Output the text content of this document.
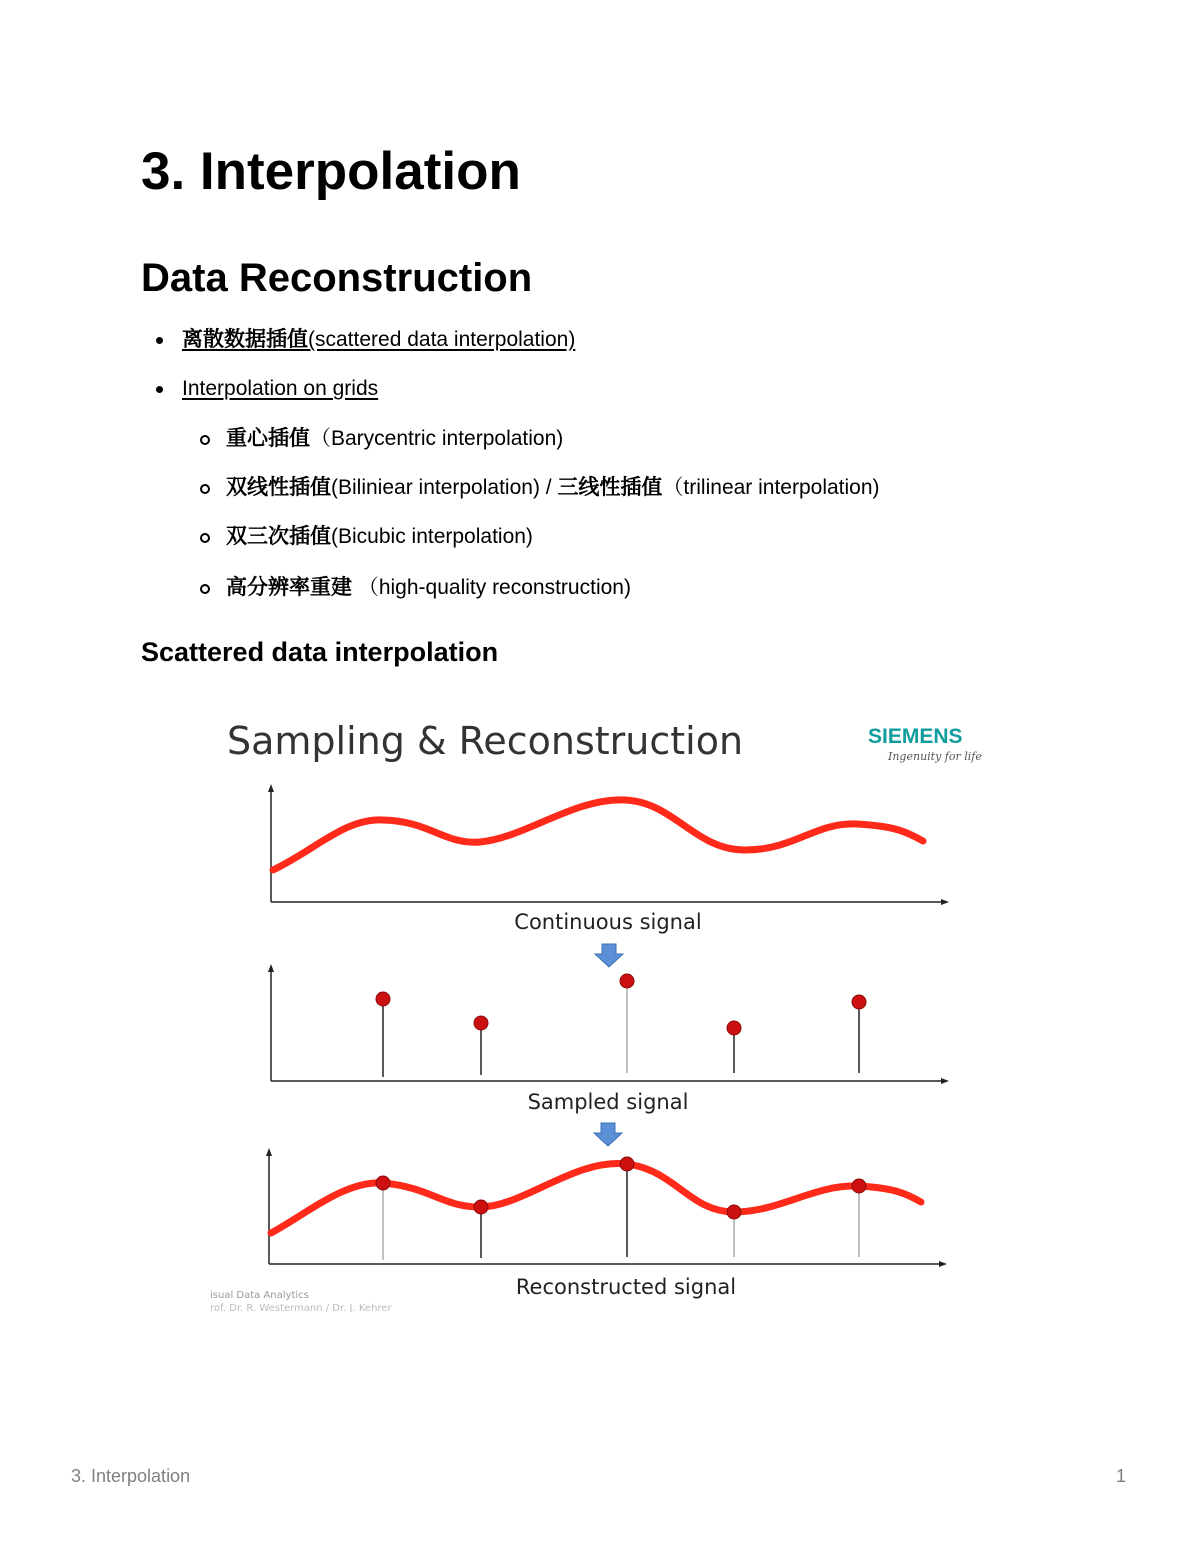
3. Interpolation
Data Reconstruction
离散数据插值(scattered data interpolation)
Interpolation on grids
重心插值（Barycentric interpolation)
双线性插值(Biliniear interpolation) / 三线性插值（trilinear interpolation)
双三次插值(Bicubic interpolation)
高分辨率重建 （high-quality reconstruction)
Scattered data interpolation
Sampling & Reconstruction	SIEMENS
Ingenuity for life
Continuous signal
Sampled signal
Reconstructed signal
isual Data Analytics
rof. Dr. R. Westermann / Dr. J. Kehrer
3. Interpolation	1
